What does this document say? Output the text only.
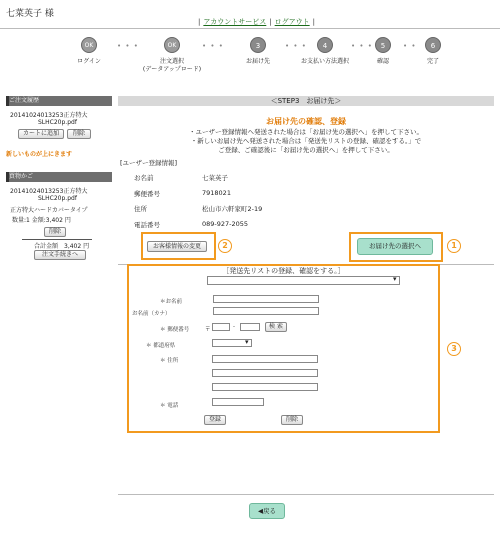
七菜英子 様
| アカウントサービス | ログアウト |
OK	• • •	OK	• • •	3	• • •	4	• • •	5	• •	6
ログイン	注文選択
(データアップロード)
お届け先	お支払い方法選択	確認	完了
ご注文履歴
20141024013253正方特大
SLHC20p.pdf
カートに追加	削除
新しいものが上にきます
買物かご
20141024013253正方特大
SLHC20p.pdf
正方特大ハードカバータイプ
数量:1 金額:3,402 円
削除
合計金額　3,402 円
注文手続きへ
＜STEP3　お届け先＞
お届け先の確認、登録
・ユーザー登録情報へ発送された場合は「お届け先の選択へ」を押して下さい。
・新しいお届け先へ発送された場合は「発送先リストの登録、確認をする。」で
ご登録、ご確認後に「お届け先の選択へ」を押して下さい。
[ユーザー登録情報]
お名前	七菜英子
郵便番号	7918021
住所	松山市六軒家町2-19
電話番号	089-927-2055
お客様情報の変更	2	お届け先の選択へ	1
3
［発送先リストの登録、確認をする。］
▾
＊お名前
お名前（カナ）
＊ 郵便番号	〒	-	検 索
＊ 都道府県	▾
＊ 住所
＊ 電話
登録	削除
◀戻る
